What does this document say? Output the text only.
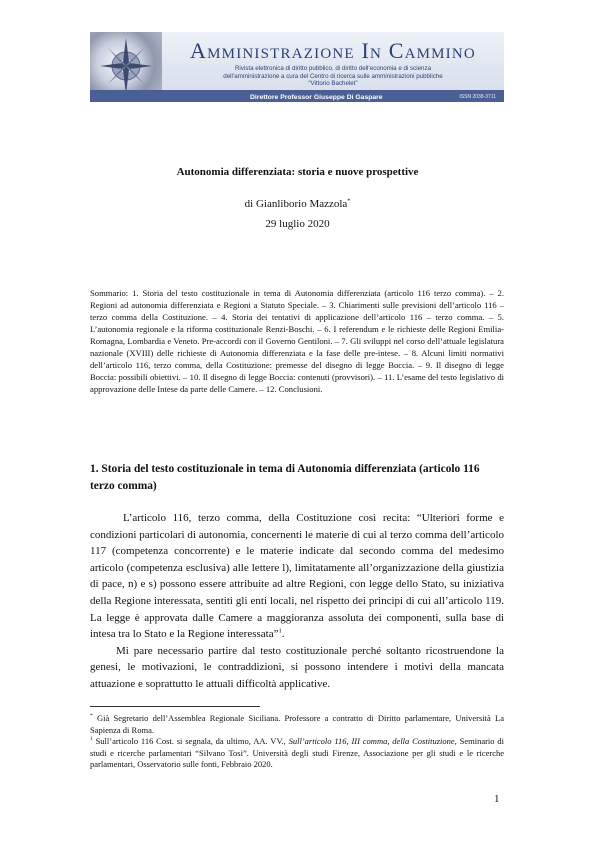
Amministrazione In Cammino
Rivista elettronica di diritto pubblico, di diritto dell’economia e di scienza
dell’amministrazione a cura del Centro di ricerca sulle amministrazioni pubbliche
“Vittorio Bachelet”
Direttore Professor Giuseppe Di Gaspare	ISSN 2038-3711
Autonomia differenziata: storia e nuove prospettive
di Gianliborio Mazzola*
29 luglio 2020
Sommario: 1. Storia del testo costituzionale in tema di Autonomia differenziata (articolo 116 terzo comma). – 2. Regioni ad autonomia differenziata e Regioni a Statuto Speciale. – 3. Chiarimenti sulle previsioni dell’articolo 116 – terzo comma della Costituzione. – 4. Storia dei tentativi di applicazione dell’articolo 116 – terzo comma. – 5. L’autonomia regionale e la riforma costituzionale Renzi-Boschi. – 6. I referendum e le richieste delle Regioni Emilia-Romagna, Lombardia e Veneto. Pre-accordi con il Governo Gentiloni. – 7. Gli sviluppi nel corso dell’attuale legislatura nazionale (XVIII) delle richieste di Autonomia differenziata e la fase delle pre-intese. – 8. Alcuni limiti normativi dell’articolo 116, terzo comma, della Costituzione: premesse del disegno di legge Boccia. – 9. Il disegno di legge Boccia: possibili obiettivi. – 10. Il disegno di legge Boccia: contenuti (provvisori). – 11. L’esame del testo legislativo di approvazione delle Intese da parte delle Camere. – 12. Conclusioni.
1. Storia del testo costituzionale in tema di Autonomia differenziata (articolo 116 terzo comma)

L’articolo 116, terzo comma, della Costituzione così recita: “Ulteriori forme e condizioni particolari di autonomia, concernenti le materie di cui al terzo comma dell’articolo 117 (competenza concorrente) e le materie indicate dal secondo comma del medesimo articolo (competenza esclusiva) alle lettere l), limitatamente all’organizzazione della giustizia di pace, n) e s) possono essere attribuite ad altre Regioni, con legge dello Stato, su iniziativa della Regione interessata, sentiti gli enti locali, nel rispetto dei principi di cui all’articolo 119. La legge è approvata dalle Camere a maggioranza assoluta dei componenti, sulla base di intesa tra lo Stato e la Regione interessata”$^1$.

Mi pare necessario partire dal testo costituzionale perché soltanto ricostruendone la genesi, le motivazioni, le contraddizioni, si possono intendere i motivi della mancata attuazione e soprattutto le attuali difficoltà applicative.

* Già Segretario dell’Assemblea Regionale Siciliana. Professore a contratto di Diritto parlamentare, Università La Sapienza di Roma.

$^1$ Sull’articolo 116 Cost. si segnala, da ultimo, AA. VV., Sull’articolo 116, III comma, della Costituzione, Seminario di studi e ricerche parlamentari “Silvano Tosi”. Università degli studi Firenze, Associazione per gli studi e le ricerche parlamentari, Osservatorio sulle fonti, Febbraio 2020.

1
